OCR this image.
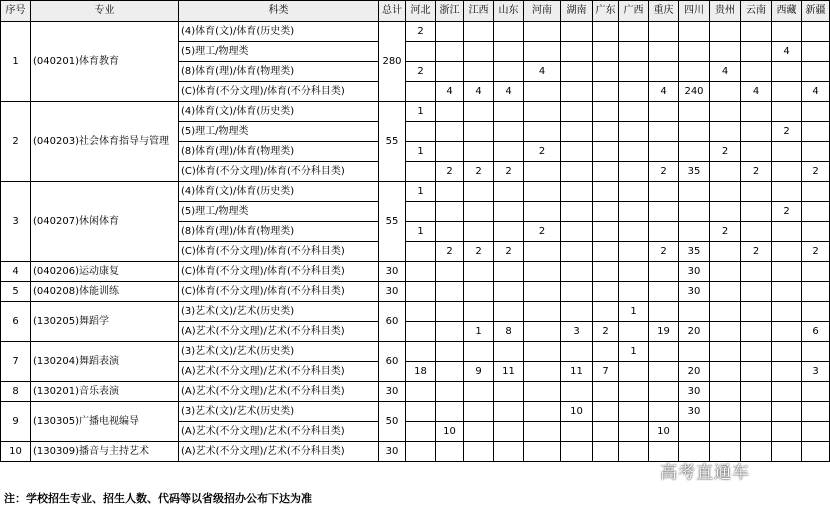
序号	专业	科类	总计	河北	浙江	江西	山东	河南	湖南	广东	广西	重庆	四川	贵州	云南	西藏	新疆
1	(040201)体育教育	(4)体育(文)/体育(历史类)	280	2													
		(5)理工/物理类														4	
		(8)体育(理)/体育(物理类)		2				4						4			
		(C)体育(不分文理)/体育(不分科目类)			4	4	4					4	240		4		4
2	(040203)社会体育指导与管理	(4)体育(文)/体育(历史类)	55	1													
		(5)理工/物理类														2	
		(8)体育(理)/体育(物理类)		1				2						2			
		(C)体育(不分文理)/体育(不分科目类)			2	2	2					2	35		2		2
3	(040207)休闲体育	(4)体育(文)/体育(历史类)	55	1													
		(5)理工/物理类														2	
		(8)体育(理)/体育(物理类)		1				2						2			
		(C)体育(不分文理)/体育(不分科目类)			2	2	2					2	35		2		2
4	(040206)运动康复	(C)体育(不分文理)/体育(不分科目类)	30										30				
5	(040208)体能训练	(C)体育(不分文理)/体育(不分科目类)	30										30				
6	(130205)舞蹈学	(3)艺术(文)/艺术(历史类)	60								1						
		(A)艺术(不分文理)/艺术(不分科目类)				1	8		3	2		19	20				6
7	(130204)舞蹈表演	(3)艺术(文)/艺术(历史类)	60								1						
		(A)艺术(不分文理)/艺术(不分科目类)		18		9	11		11	7			20				3
8	(130201)音乐表演	(A)艺术(不分文理)/艺术(不分科目类)	30										30				
9	(130305)广播电视编导	(3)艺术(文)/艺术(历史类)	50						10				30				
		(A)艺术(不分文理)/艺术(不分科目类)			10							10					
10	(130309)播音与主持艺术	(A)艺术(不分文理)/艺术(不分科目类)	30														
注：学校招生专业、招生人数、代码等以省级招办公布下达为准
高考直通车
